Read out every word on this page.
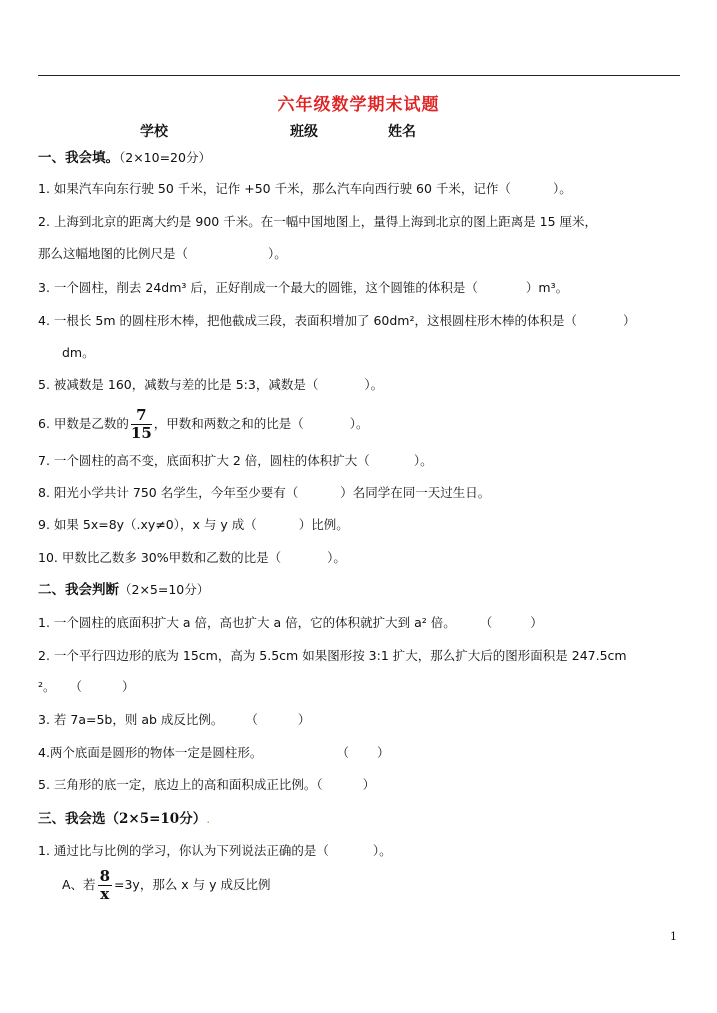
六年级数学期末试题
学校	班级	姓名
一、我会填。（2×10=20分）
1. 如果汽车向东行驶 50 千米，记作 +50 千米，那么汽车向西行驶 60 千米，记作（	）。
2. 上海到北京的距离大约是 900 千米。在一幅中国地图上，量得上海到北京的图上距离是 15 厘米，
那么这幅地图的比例尺是（	）。
3. 一个圆柱，削去 24dm³ 后，正好削成一个最大的圆锥，这个圆锥的体积是（	）m³。
4. 一根长 5m 的圆柱形木棒，把他截成三段，表面积增加了 60dm²，这根圆柱形木棒的体积是（	）
dm。
5. 被减数是 160，减数与差的比是 5:3，减数是（	）。
6. 甲数是乙数的 $\frac{7}{15}$ ，甲数和两数之和的比是（	）。
7. 一个圆柱的高不变，底面积扩大 2 倍，圆柱的体积扩大（	）。
8. 阳光小学共计 750 名学生，今年至少要有（	）名同学在同一天过生日。
9. 如果 5x=8y（.xy≠0），x 与 y 成（	）比例。
10. 甲数比乙数多 30%甲数和乙数的比是（	）。
二、我会判断（2×5=10分）
1. 一个圆柱的底面积扩大 a 倍，高也扩大 a 倍，它的体积就扩大到 a² 倍。 （	）
2. 一个平行四边形的底为 15cm，高为 5.5cm 如果图形按 3:1 扩大，那么扩大后的图形面积是 247.5cm
²。 （	）
3. 若 7a=5b，则 ab 成反比例。 （	）
4.两个底面是圆形的物体一定是圆柱形。	（ ）
5. 三角形的底一定，底边上的高和面积成正比例。（	）
三、我会选（2×5=10分）.
1. 通过比与比例的学习，你认为下列说法正确的是（	）。
A、若 $\frac{8}{x} =3y$，那么 x 与 y 成反比例
1
